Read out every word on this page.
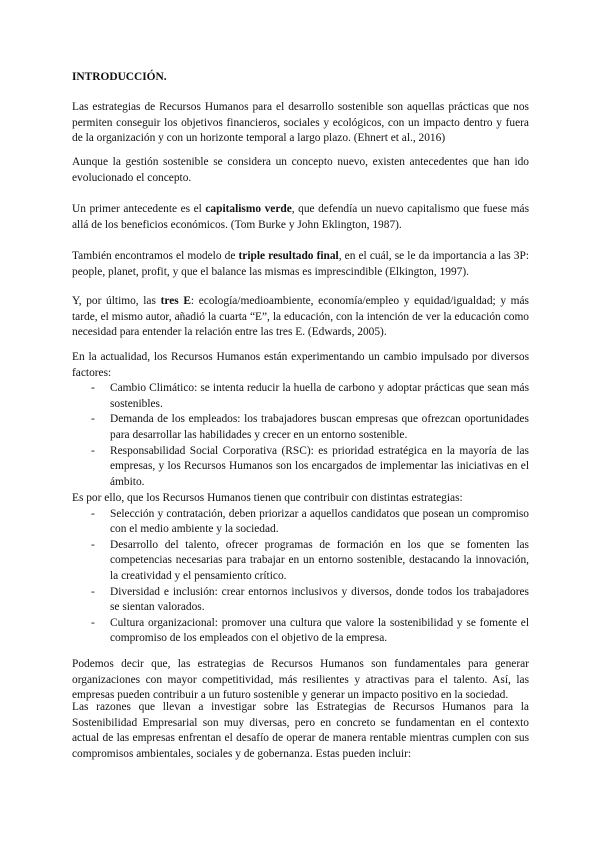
INTRODUCCIÓN.

Las estrategias de Recursos Humanos para el desarrollo sostenible son aquellas prácticas que nos permiten conseguir los objetivos financieros, sociales y ecológicos, con un impacto dentro y fuera de la organización y con un horizonte temporal a largo plazo. (Ehnert et al., 2016)

Aunque la gestión sostenible se considera un concepto nuevo, existen antecedentes que han ido evolucionado el concepto.

Un primer antecedente es el capitalismo verde, que defendía un nuevo capitalismo que fuese más allá de los beneficios económicos. (Tom Burke y John Eklington, 1987).

También encontramos el modelo de triple resultado final, en el cuál, se le da importancia a las 3P: people, planet, profit, y que el balance las mismas es imprescindible (Elkington, 1997).

Y, por último, las tres E: ecología/medioambiente, economía/empleo y equidad/igualdad; y más tarde, el mismo autor, añadió la cuarta “E”, la educación, con la intención de ver la educación como necesidad para entender la relación entre las tres E. (Edwards, 2005).

En la actualidad, los Recursos Humanos están experimentando un cambio impulsado por diversos factores:
- Cambio Climático: se intenta reducir la huella de carbono y adoptar prácticas que sean más sostenibles.
- Demanda de los empleados: los trabajadores buscan empresas que ofrezcan oportunidades para desarrollar las habilidades y crecer en un entorno sostenible.
- Responsabilidad Social Corporativa (RSC): es prioridad estratégica en la mayoría de las empresas, y los Recursos Humanos son los encargados de implementar las iniciativas en el ámbito.
Es por ello, que los Recursos Humanos tienen que contribuir con distintas estrategias:
- Selección y contratación, deben priorizar a aquellos candidatos que posean un compromiso con el medio ambiente y la sociedad.
- Desarrollo del talento, ofrecer programas de formación en los que se fomenten las competencias necesarias para trabajar en un entorno sostenible, destacando la innovación, la creatividad y el pensamiento crítico.
- Diversidad e inclusión: crear entornos inclusivos y diversos, donde todos los trabajadores se sientan valorados.
- Cultura organizacional: promover una cultura que valore la sostenibilidad y se fomente el compromiso de los empleados con el objetivo de la empresa.

Podemos decir que, las estrategias de Recursos Humanos son fundamentales para generar organizaciones con mayor competitividad, más resilientes y atractivas para el talento. Así, las empresas pueden contribuir a un futuro sostenible y generar un impacto positivo en la sociedad.

Las razones que llevan a investigar sobre las Estrategias de Recursos Humanos para la Sostenibilidad Empresarial son muy diversas, pero en concreto se fundamentan en el contexto actual de las empresas enfrentan el desafío de operar de manera rentable mientras cumplen con sus compromisos ambientales, sociales y de gobernanza. Estas pueden incluir:
